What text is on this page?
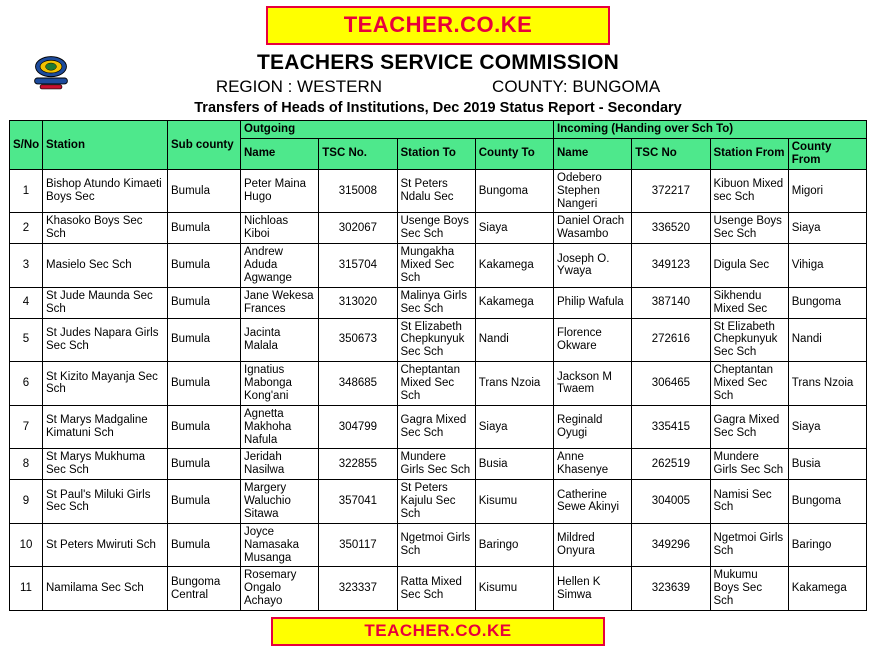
TEACHER.CO.KE
TEACHERS SERVICE COMMISSION
REGION : WESTERN	COUNTY: BUNGOMA
Transfers of Heads of Institutions, Dec 2019 Status Report - Secondary
S/No	Station	Sub county	Outgoing				Incoming (Handing over Sch To)			
			Name	TSC No.	Station To	County To	Name	TSC No	Station From	County From
1	Bishop Atundo Kimaeti Boys Sec	Bumula	Peter Maina Hugo	315008	St Peters Ndalu Sec	Bungoma	Odebero Stephen Nangeri	372217	Kibuon Mixed sec Sch	Migori
2	Khasoko Boys Sec Sch	Bumula	Nichloas Kiboi	302067	Usenge Boys Sec Sch	Siaya	Daniel Orach Wasambo	336520	Usenge Boys Sec Sch	Siaya
3	Masielo Sec Sch	Bumula	Andrew Aduda Agwange	315704	Mungakha Mixed Sec Sch	Kakamega	Joseph O. Ywaya	349123	Digula Sec	Vihiga
4	St Jude Maunda Sec Sch	Bumula	Jane Wekesa Frances	313020	Malinya Girls Sec Sch	Kakamega	Philip Wafula	387140	Sikhendu Mixed Sec	Bungoma
5	St Judes Napara Girls Sec Sch	Bumula	Jacinta Malala	350673	St Elizabeth Chepkunyuk Sec Sch	Nandi	Florence Okware	272616	St Elizabeth Chepkunyuk Sec Sch	Nandi
6	St Kizito Mayanja Sec Sch	Bumula	Ignatius Mabonga Kong'ani	348685	Cheptantan Mixed Sec Sch	Trans Nzoia	Jackson M Twaem	306465	Cheptantan Mixed Sec Sch	Trans Nzoia
7	St Marys Madgaline Kimatuni Sch	Bumula	Agnetta Makhoha Nafula	304799	Gagra Mixed Sec Sch	Siaya	Reginald Oyugi	335415	Gagra Mixed Sec Sch	Siaya
8	St Marys Mukhuma Sec Sch	Bumula	Jeridah Nasilwa	322855	Mundere Girls Sec Sch	Busia	Anne Khasenye	262519	Mundere Girls Sec Sch	Busia
9	St Paul's Miluki Girls Sec Sch	Bumula	Margery Waluchio Sitawa	357041	St Peters Kajulu Sec Sch	Kisumu	Catherine Sewe Akinyi	304005	Namisi Sec Sch	Bungoma
10	St Peters Mwiruti Sch	Bumula	Joyce Namasaka Musanga	350117	Ngetmoi Girls Sch	Baringo	Mildred Onyura	349296	Ngetmoi Girls Sch	Baringo
11	Namilama Sec Sch	Bungoma Central	Rosemary Ongalo Achayo	323337	Ratta Mixed Sec Sch	Kisumu	Hellen K Simwa	323639	Mukumu Boys Sec Sch	Kakamega
TEACHER.CO.KE
